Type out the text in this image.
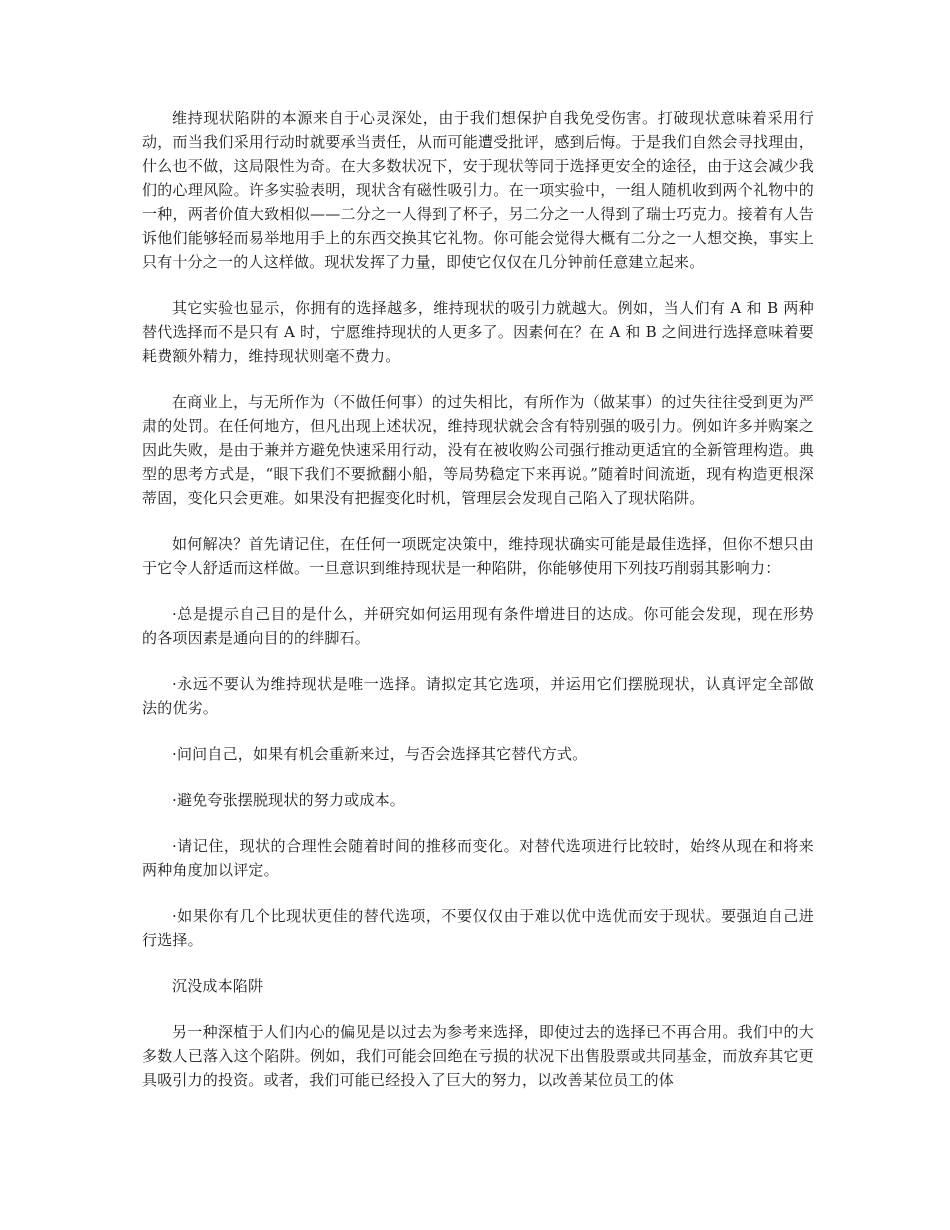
维持现状陷阱的本源来自于心灵深处，由于我们想保护自我免受伤害。打破现状意味着采用行动，而当我们采用行动时就要承当责任，从而可能遭受批评，感到后悔。于是我们自然会寻找理由，什么也不做，这局限性为奇。在大多数状况下，安于现状等同于选择更安全的途径，由于这会减少我们的心理风险。许多实验表明，现状含有磁性吸引力。在一项实验中，一组人随机收到两个礼物中的一种，两者价值大致相似——二分之一人得到了杯子，另二分之一人得到了瑞士巧克力。接着有人告诉他们能够轻而易举地用手上的东西交换其它礼物。你可能会觉得大概有二分之一人想交换，事实上只有十分之一的人这样做。现状发挥了力量，即使它仅仅在几分钟前任意建立起来。

其它实验也显示，你拥有的选择越多，维持现状的吸引力就越大。例如，当人们有 A 和 B 两种替代选择而不是只有 A 时，宁愿维持现状的人更多了。因素何在？在 A 和 B 之间进行选择意味着要耗费额外精力，维持现状则毫不费力。

在商业上，与无所作为（不做任何事）的过失相比，有所作为（做某事）的过失往往受到更为严肃的处罚。在任何地方，但凡出现上述状况，维持现状就会含有特别强的吸引力。例如许多并购案之因此失败，是由于兼并方避免快速采用行动，没有在被收购公司强行推动更适宜的全新管理构造。典型的思考方式是，“眼下我们不要掀翻小船，等局势稳定下来再说。”随着时间流逝，现有构造更根深蒂固，变化只会更难。如果没有把握变化时机，管理层会发现自己陷入了现状陷阱。

如何解决？首先请记住，在任何一项既定决策中，维持现状确实可能是最佳选择，但你不想只由于它令人舒适而这样做。一旦意识到维持现状是一种陷阱，你能够使用下列技巧削弱其影响力：

·总是提示自己目的是什么，并研究如何运用现有条件增进目的达成。你可能会发现，现在形势的各项因素是通向目的的绊脚石。

·永远不要认为维持现状是唯一选择。请拟定其它选项，并运用它们摆脱现状，认真评定全部做法的优劣。

·问问自己，如果有机会重新来过，与否会选择其它替代方式。

·避免夸张摆脱现状的努力或成本。

·请记住，现状的合理性会随着时间的推移而变化。对替代选项进行比较时，始终从现在和将来两种角度加以评定。

·如果你有几个比现状更佳的替代选项，不要仅仅由于难以优中选优而安于现状。要强迫自己进行选择。

沉没成本陷阱

另一种深植于人们内心的偏见是以过去为参考来选择，即使过去的选择已不再合用。我们中的大多数人已落入这个陷阱。例如，我们可能会回绝在亏损的状况下出售股票或共同基金，而放弃其它更具吸引力的投资。或者，我们可能已经投入了巨大的努力，以改善某位员工的体
